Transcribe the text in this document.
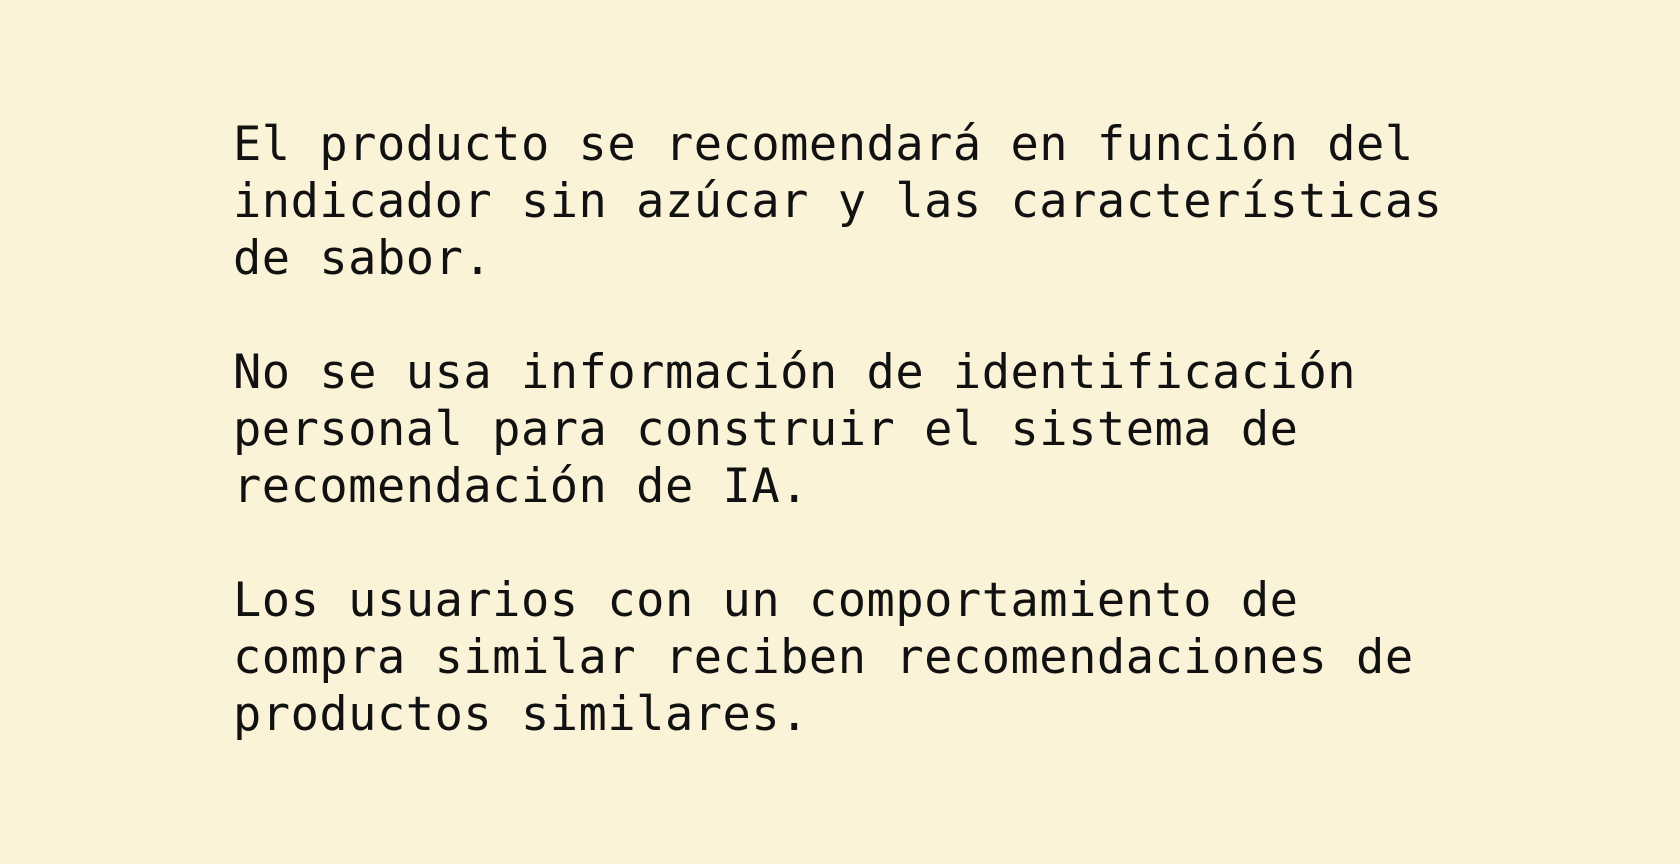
El producto se recomendará en función del
indicador sin azúcar y las características
de sabor.

No se usa información de identificación
personal para construir el sistema de
recomendación de IA.

Los usuarios con un comportamiento de
compra similar reciben recomendaciones de
productos similares.
